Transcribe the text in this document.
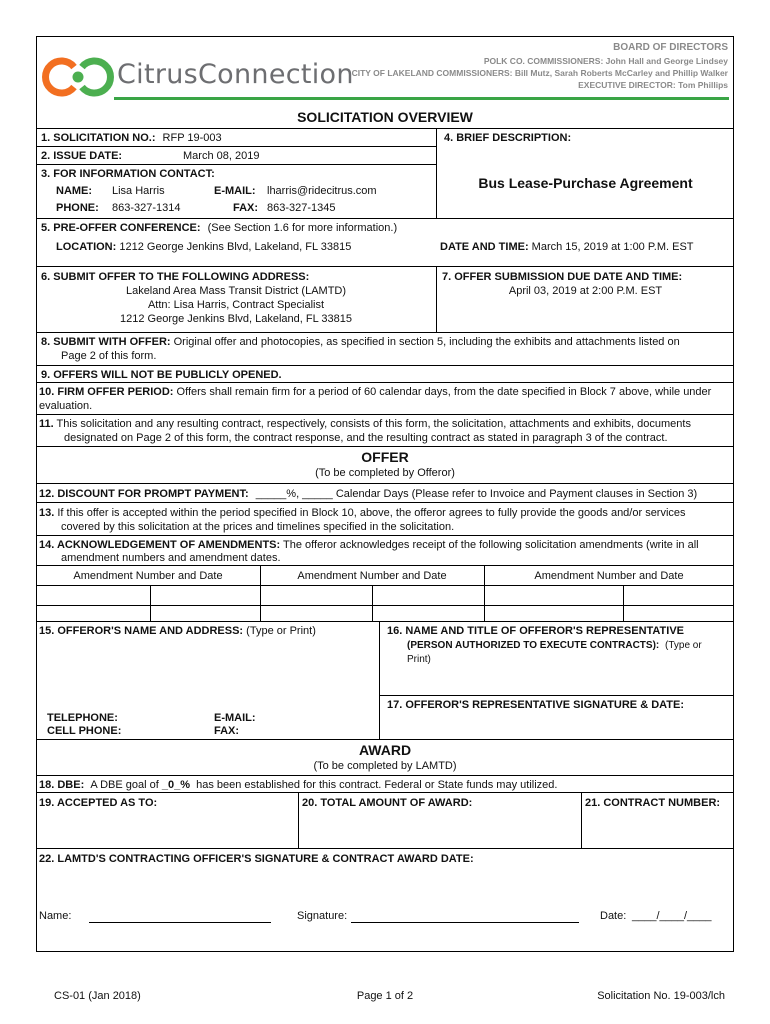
CitrusConnection
BOARD OF DIRECTORS
POLK CO. COMMISSIONERS: John Hall and George Lindsey
CITY OF LAKELAND COMMISSIONERS: Bill Mutz, Sarah Roberts McCarley and Phillip Walker
EXECUTIVE DIRECTOR: Tom Phillips
SOLICITATION OVERVIEW
1. SOLICITATION NO.: RFP 19-003
2. ISSUE DATE:	March 08, 2019
3. FOR INFORMATION CONTACT:
NAME: Lisa Harris	E-MAIL: lharris@ridecitrus.com
PHONE: 863-327-1314	FAX: 863-327-1345
4. BRIEF DESCRIPTION:
Bus Lease-Purchase Agreement
5. PRE-OFFER CONFERENCE: (See Section 1.6 for more information.)
LOCATION: 1212 George Jenkins Blvd, Lakeland, FL 33815	DATE AND TIME: March 15, 2019 at 1:00 P.M. EST
6. SUBMIT OFFER TO THE FOLLOWING ADDRESS:
Lakeland Area Mass Transit District (LAMTD)
Attn: Lisa Harris, Contract Specialist
1212 George Jenkins Blvd, Lakeland, FL 33815
7. OFFER SUBMISSION DUE DATE AND TIME:
April 03, 2019 at 2:00 P.M. EST
8. SUBMIT WITH OFFER: Original offer and photocopies, as specified in section 5, including the exhibits and attachments listed on
Page 2 of this form.
9. OFFERS WILL NOT BE PUBLICLY OPENED.
10. FIRM OFFER PERIOD: Offers shall remain firm for a period of 60 calendar days, from the date specified in Block 7 above, while under
evaluation.
11. This solicitation and any resulting contract, respectively, consists of this form, the solicitation, attachments and exhibits, documents
designated on Page 2 of this form, the contract response, and the resulting contract as stated in paragraph 3 of the contract.
OFFER
(To be completed by Offeror)
12. DISCOUNT FOR PROMPT PAYMENT: _____%, _____ Calendar Days (Please refer to Invoice and Payment clauses in Section 3)
13. If this offer is accepted within the period specified in Block 10, above, the offeror agrees to fully provide the goods and/or services
covered by this solicitation at the prices and timelines specified in the solicitation.
14. ACKNOWLEDGEMENT OF AMENDMENTS: The offeror acknowledges receipt of the following solicitation amendments (write in all
amendment numbers and amendment dates.
Amendment Number and Date	Amendment Number and Date	Amendment Number and Date
15. OFFEROR'S NAME AND ADDRESS: (Type or Print)	16. NAME AND TITLE OF OFFEROR'S REPRESENTATIVE
(PERSON AUTHORIZED TO EXECUTE CONTRACTS): (Type or
Print)
17. OFFEROR'S REPRESENTATIVE SIGNATURE & DATE:
TELEPHONE:
CELL PHONE:
E-MAIL:
FAX:
AWARD
(To be completed by LAMTD)
18. DBE: A DBE goal of _0_% has been established for this contract. Federal or State funds may utilized.
19. ACCEPTED AS TO:	20. TOTAL AMOUNT OF AWARD:	21. CONTRACT NUMBER:
22. LAMTD'S CONTRACTING OFFICER'S SIGNATURE & CONTRACT AWARD DATE:
Name:	Signature:	Date: ____/____/____
CS-01 (Jan 2018)	Page 1 of 2	Solicitation No. 19-003/lch
